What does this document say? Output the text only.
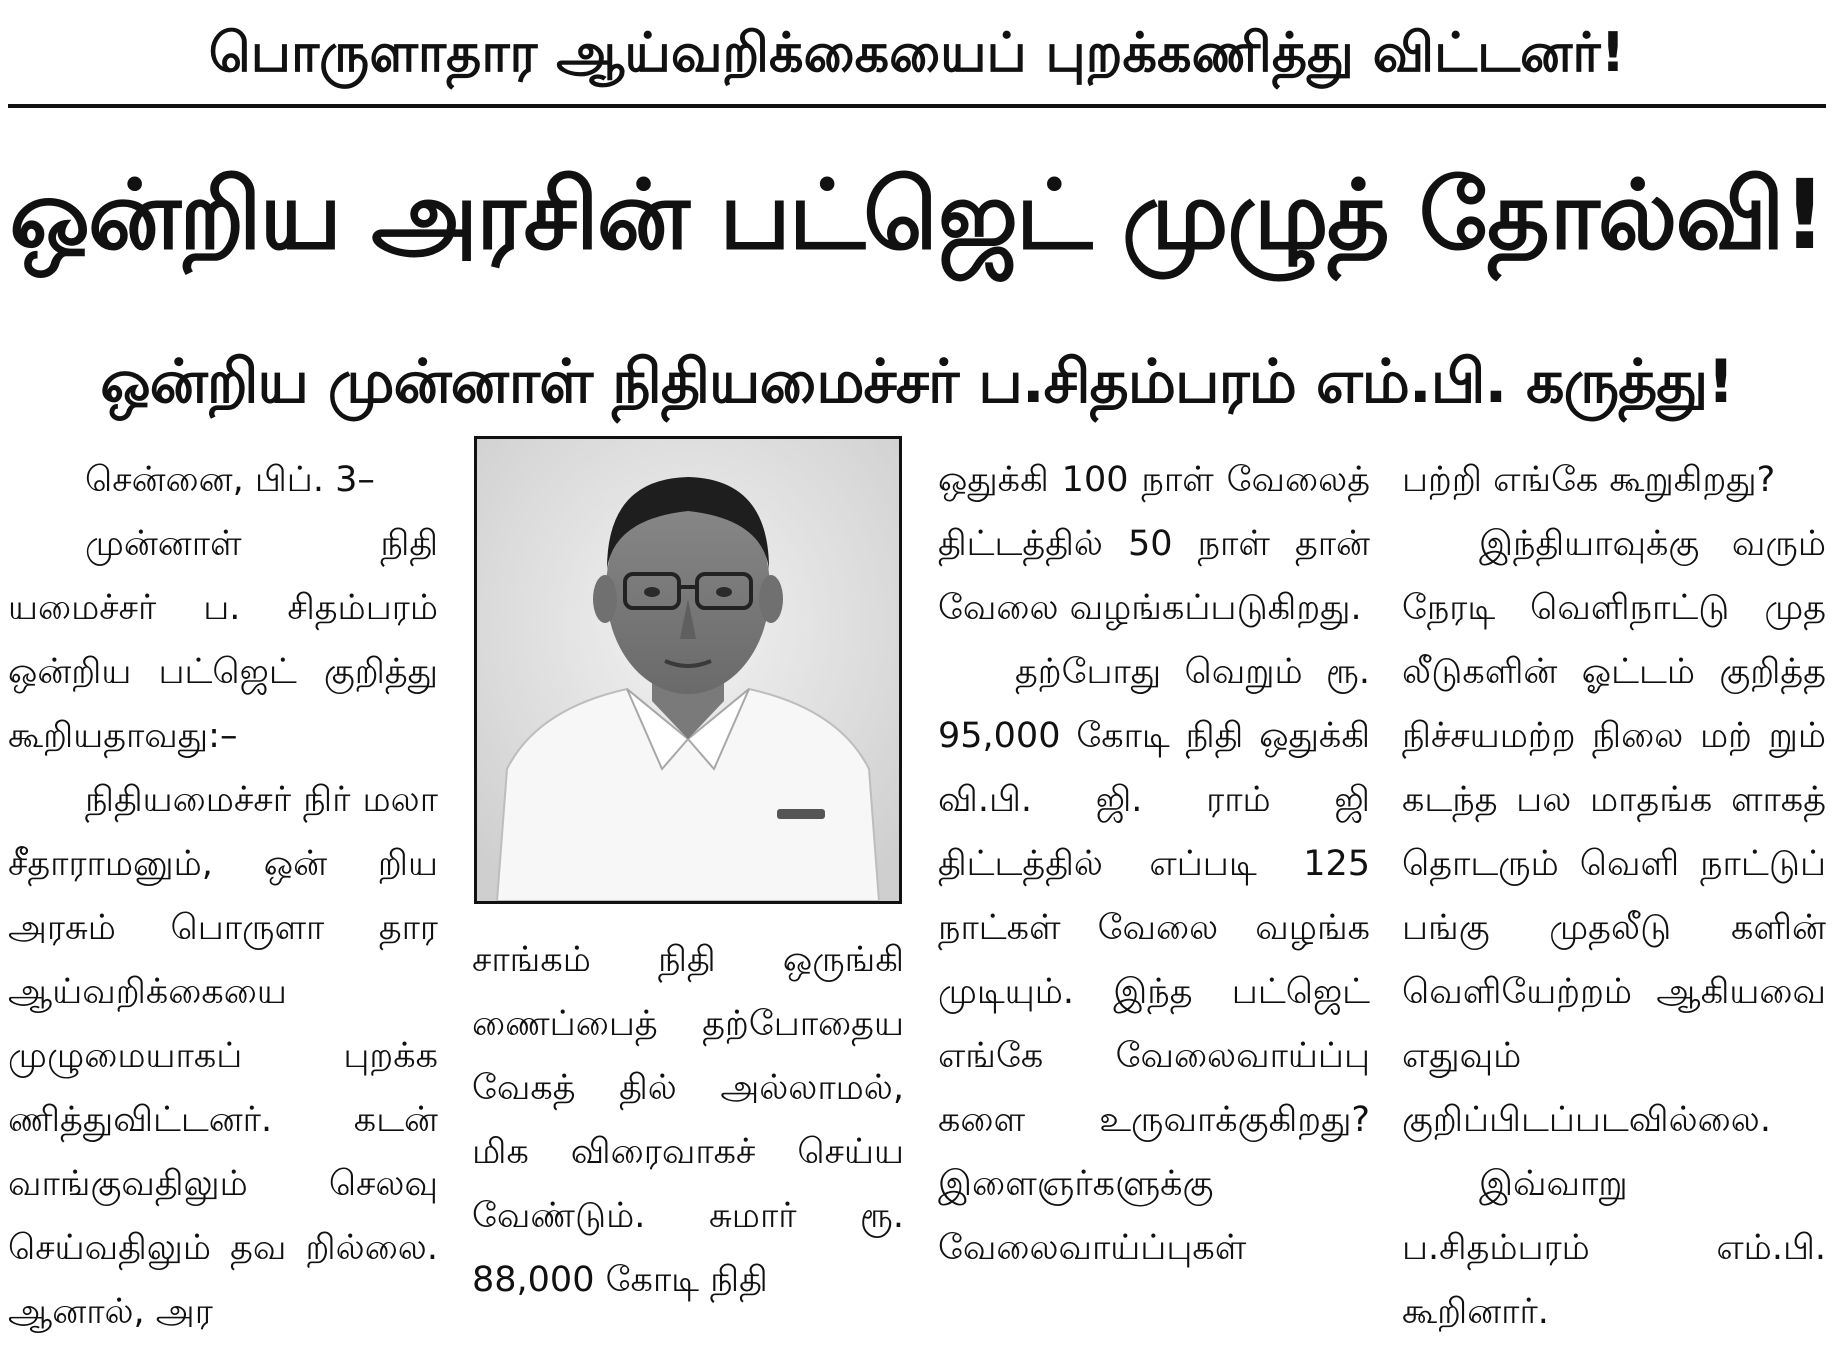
பொருளாதார ஆய்வறிக்கையைப் புறக்கணித்து விட்டனர்!
ஒன்றிய அரசின் பட்ஜெட் முழுத் தோல்வி!
ஒன்றிய முன்னாள் நிதியமைச்சர் ப.சிதம்பரம் எம்.பி. கருத்து!

சென்னை, பிப். 3–

முன்னாள் நிதி யமைச்சர் ப. சிதம்பரம் ஒன்றிய பட்ஜெட் குறித்து கூறியதாவது:–

நிதியமைச்சர் நிர் மலா சீதாராமனும், ஒன் றிய அரசும் பொருளா தார ஆய்வறிக்கையை முழுமையாகப் புறக்க ணித்துவிட்டனர். கடன் வாங்குவதிலும் செலவு செய்வதிலும் தவ றில்லை. ஆனால், அர

சாங்கம் நிதி ஒருங்கி ணைப்பைத் தற்போதைய வேகத் தில் அல்லாமல், மிக விரைவாகச் செய்ய வேண்டும். சுமார் ரூ. 88,000 கோடி நிதி

ஒதுக்கி 100 நாள் வேலைத் திட்டத்தில் 50 நாள் தான் வேலை வழங்கப்படுகிறது.

தற்போது வெறும் ரூ. 95,000 கோடி நிதி ஒதுக்கி வி.பி. ஜி. ராம் ஜி திட்டத்தில் எப்படி 125 நாட்கள் வேலை வழங்க முடியும். இந்த பட்ஜெட் எங்கே வேலைவாய்ப்பு களை உருவாக்குகிறது? இளைஞர்களுக்கு வேலைவாய்ப்புகள்

பற்றி எங்கே கூறுகிறது?

இந்தியாவுக்கு வரும் நேரடி வெளிநாட்டு முத லீடுகளின் ஓட்டம் குறித்த நிச்சயமற்ற நிலை மற் றும் கடந்த பல மாதங்க ளாகத் தொடரும் வெளி நாட்டுப் பங்கு முதலீடு களின் வெளியேற்றம் ஆகியவை எதுவும் குறிப்பிடப்படவில்லை.

இவ்வாறு ப.சிதம்பரம் எம்.பி. கூறினார்.
